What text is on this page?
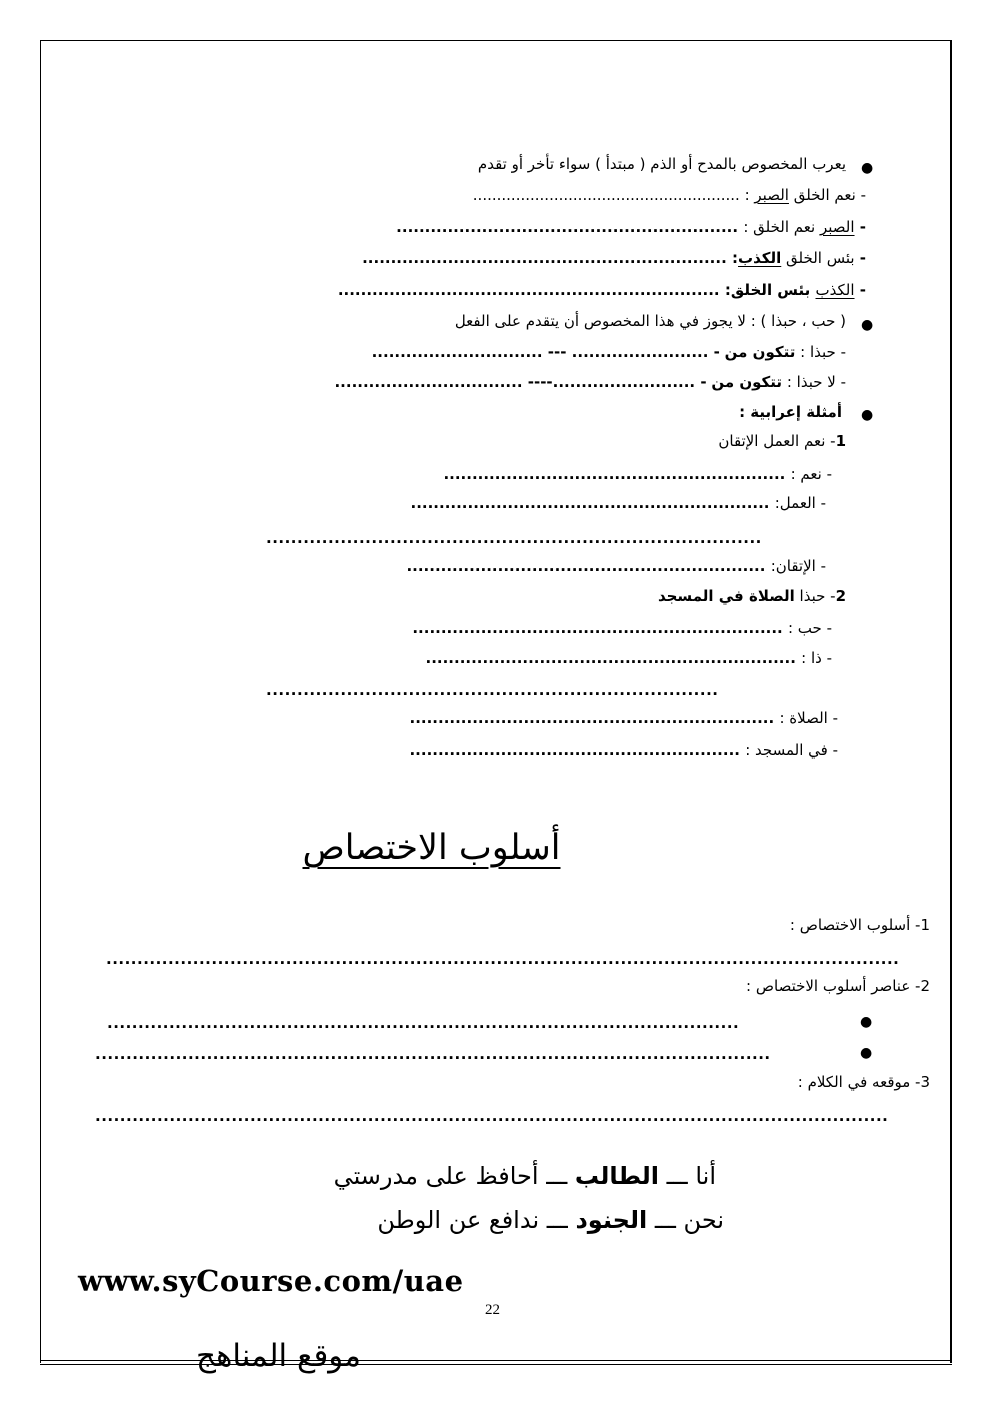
●
يعرب المخصوص بالمدح أو الذم ( مبتدأ ) سواء تأخر أو تقدم
- نعم الخلق الصبر : ........................................................
- الصبر نعم الخلق : ............................................................
- بئس الخلق الكذب: ................................................................
- الكذب بئس الخلق: ...................................................................
●
( حب ، حبذا ) : لا يجوز في هذا المخصوص أن يتقدم على الفعل
- حبذا : تتكون من - ........................ --- ..............................
- لا حبذا : تتكون من - .........................---- .................................
●
أمثلة إعرابية :
1- نعم العمل الإتقان
- نعم : ............................................................
- العمل: ...............................................................
................................................................................
- الإتقان: ...............................................................
2- حبذا الصلاة في المسجد
- حب : .................................................................
- ذا : .................................................................
.........................................................................
- الصلاة : ................................................................
- في المسجد : ..........................................................
أسلوب الاختصاص
1- أسلوب الاختصاص :
................................................................................................................................
2- عناصر أسلوب الاختصاص :
●
......................................................................................................
●
.............................................................................................................
3- موقعه في الكلام :
................................................................................................................................
أنا ـــ الطالب ـــ أحافظ على مدرستي
نحن ـــ الجنود ـــ ندافع عن الوطن
www.syCourse.com/uae
22
موقع المناهج
